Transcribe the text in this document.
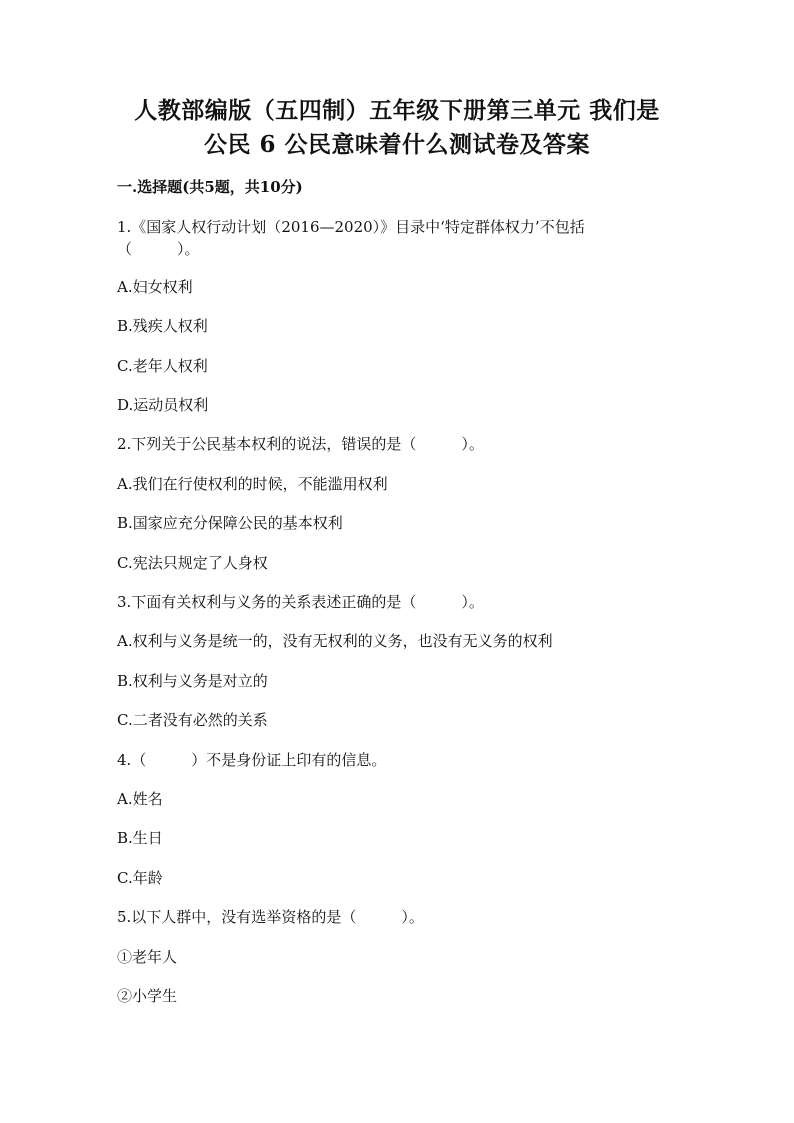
人教部编版（五四制）五年级下册第三单元 我们是
公民 6 公民意味着什么测试卷及答案
一.选择题(共5题，共10分)
1.《国家人权行动计划（2016—2020）》目录中‘特定群体权力’不包括
（　　　）。
A.妇女权利
B.残疾人权利
C.老年人权利
D.运动员权利
2.下列关于公民基本权利的说法，错误的是（　　　）。
A.我们在行使权利的时候，不能滥用权利
B.国家应充分保障公民的基本权利
C.宪法只规定了人身权
3.下面有关权利与义务的关系表述正确的是（　　　）。
A.权利与义务是统一的，没有无权利的义务，也没有无义务的权利
B.权利与义务是对立的
C.二者没有必然的关系
4.（　　　）不是身份证上印有的信息。
A.姓名
B.生日
C.年龄
5.以下人群中，没有选举资格的是（　　　）。
①老年人
②小学生
